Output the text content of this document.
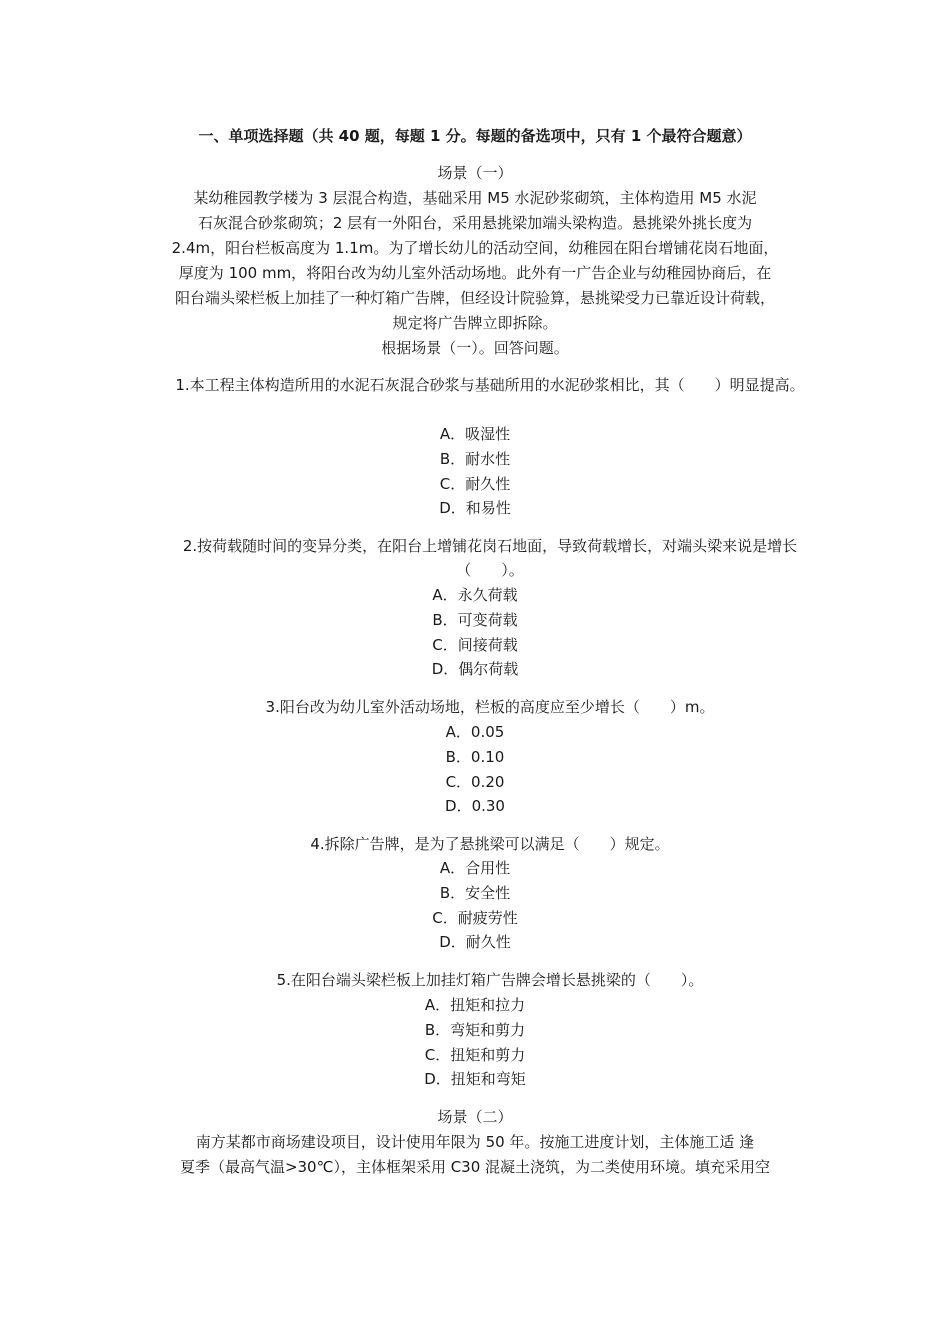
一、单项选择题（共 40 题，每题 1 分。每题的备选项中，只有 1 个最符合题意）
场景（一）
某幼稚园教学楼为 3 层混合构造，基础采用 M5 水泥砂浆砌筑，主体构造用 M5 水泥
石灰混合砂浆砌筑；2 层有一外阳台，采用悬挑梁加端头梁构造。悬挑梁外挑长度为
2.4m，阳台栏板高度为 1.1m。为了增长幼儿的活动空间，幼稚园在阳台增铺花岗石地面，
厚度为 100 mm，将阳台改为幼儿室外活动场地。此外有一广告企业与幼稚园协商后，在
阳台端头梁栏板上加挂了一种灯箱广告牌，但经设计院验算，悬挑梁受力已靠近设计荷载，
规定将广告牌立即拆除。
根据场景（一）。回答问题。
1.本工程主体构造所用的水泥石灰混合砂浆与基础所用的水泥砂浆相比，其（　　）明显提高。
A．吸湿性
B．耐水性
C．耐久性
D．和易性
2.按荷载随时间的变异分类，在阳台上增铺花岗石地面，导致荷载增长，对端头梁来说是增长（　　）。
A．永久荷载
B．可变荷载
C．间接荷载
D．偶尔荷载
3.阳台改为幼儿室外活动场地，栏板的高度应至少增长（　　）m。
A．0.05
B．0.10
C．0.20
D．0.30
4.拆除广告牌，是为了悬挑梁可以满足（　　）规定。
A．合用性
B．安全性
C．耐疲劳性
D．耐久性
5.在阳台端头梁栏板上加挂灯箱广告牌会增长悬挑梁的（　　）。
A．扭矩和拉力
B．弯矩和剪力
C．扭矩和剪力
D．扭矩和弯矩
场景（二）
南方某都市商场建设项目，设计使用年限为 50 年。按施工进度计划，主体施工适 逢
夏季（最高气温>30℃），主体框架采用 C30 混凝土浇筑，为二类使用环境。填充采用空
